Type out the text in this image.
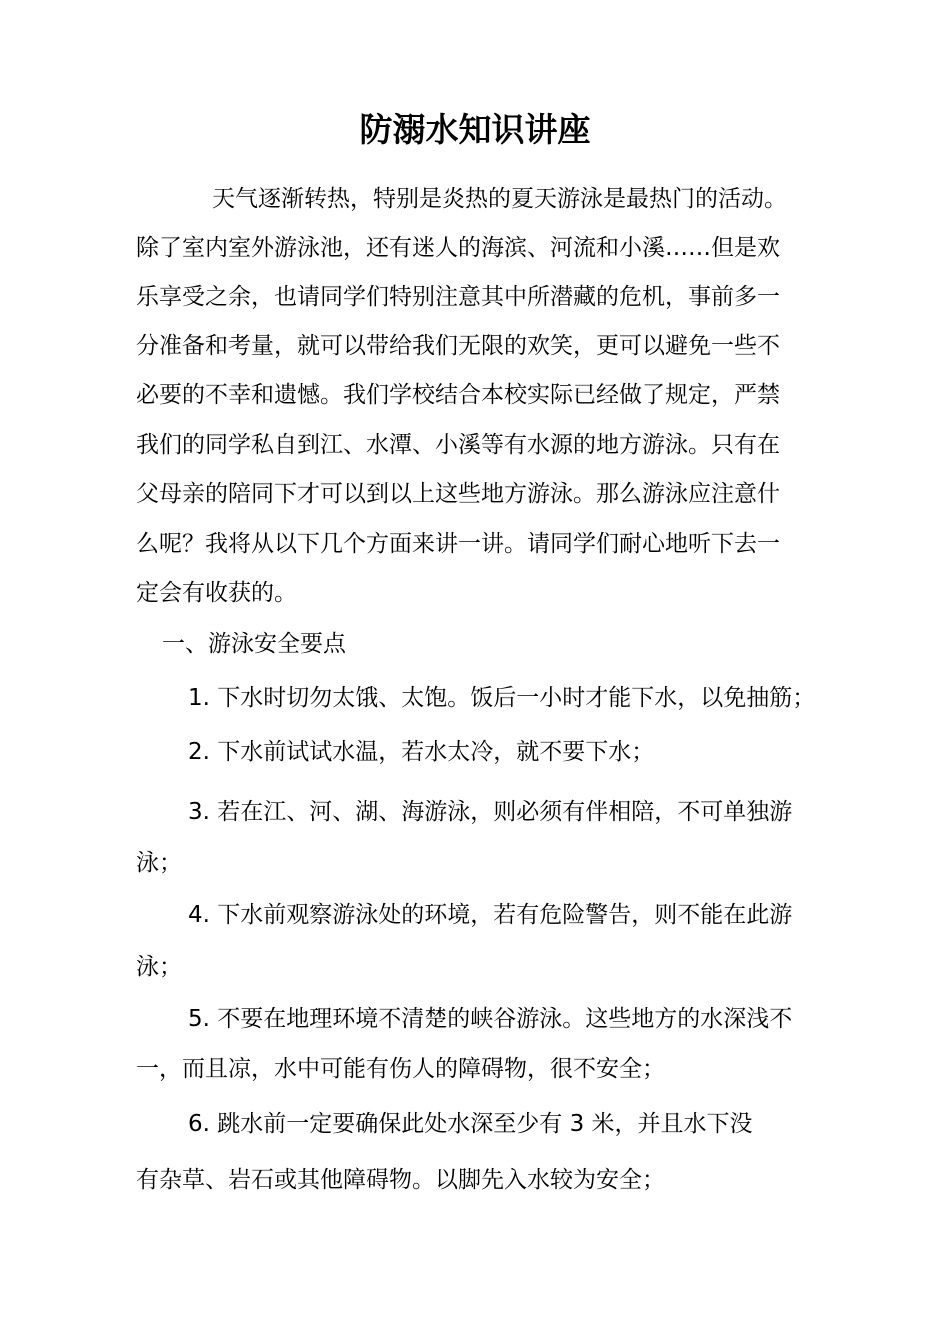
防溺水知识讲座
天气逐渐转热，特别是炎热的夏天游泳是最热门的活动。
除了室内室外游泳池，还有迷人的海滨、河流和小溪……但是欢
乐享受之余，也请同学们特别注意其中所潜藏的危机，事前多一
分准备和考量，就可以带给我们无限的欢笑，更可以避免一些不
必要的不幸和遗憾。我们学校结合本校实际已经做了规定，严禁
我们的同学私自到江、水潭、小溪等有水源的地方游泳。只有在
父母亲的陪同下才可以到以上这些地方游泳。那么游泳应注意什
么呢？我将从以下几个方面来讲一讲。请同学们耐心地听下去一
定会有收获的。
一、游泳安全要点
1. 下水时切勿太饿、太饱。饭后一小时才能下水，以免抽筋；
2. 下水前试试水温，若水太冷，就不要下水；
3. 若在江、河、湖、海游泳，则必须有伴相陪，不可单独游
泳；
4. 下水前观察游泳处的环境，若有危险警告，则不能在此游
泳；
5. 不要在地理环境不清楚的峡谷游泳。这些地方的水深浅不
一，而且凉，水中可能有伤人的障碍物，很不安全；
6. 跳水前一定要确保此处水深至少有 3 米，并且水下没
有杂草、岩石或其他障碍物。以脚先入水较为安全；
